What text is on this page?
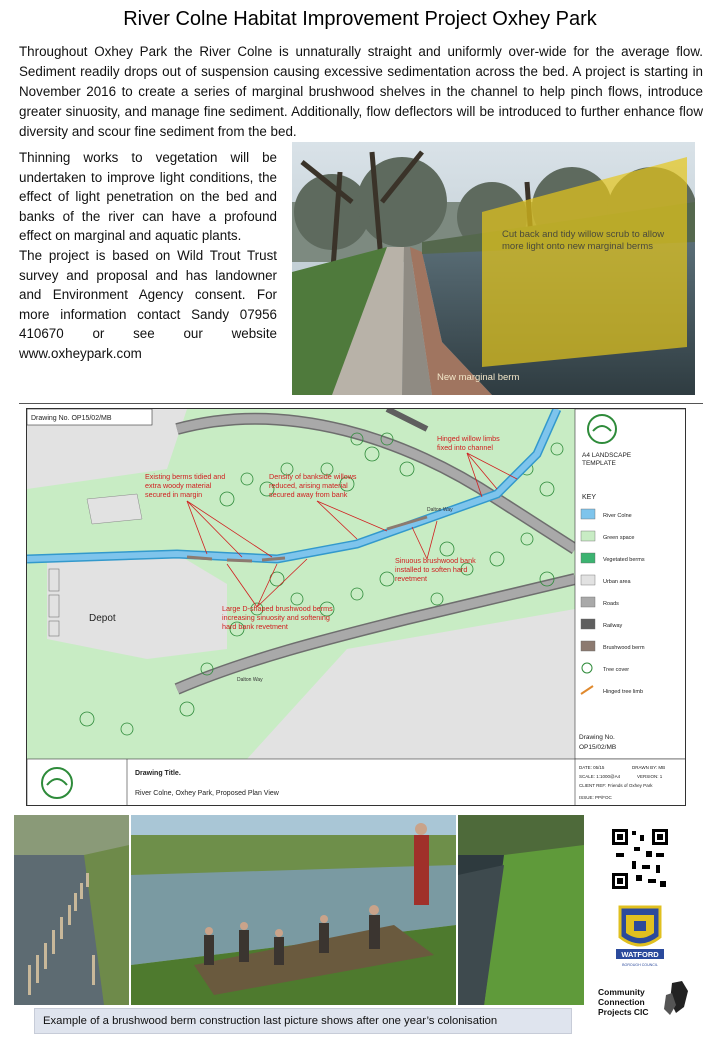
River Colne Habitat Improvement Project Oxhey Park

Throughout Oxhey Park the River Colne is unnaturally straight and uniformly over-wide for the average flow. Sediment readily drops out of suspension causing excessive sedimentation across the bed. A project is starting in November 2016 to create a series of marginal brushwood shelves in the channel to help pinch flows, introduce greater sinuosity, and manage fine sediment. Additionally, flow deflectors will be introduced to further enhance flow diversity and scour fine sediment from the bed.

Thinning works to vegetation will be undertaken to improve light conditions, the effect of light penetration on the bed and banks of the river can have a profound effect on marginal and aquatic plants.

The project is based on Wild Trout Trust survey and proposal and has landowner and Environment Agency consent. For more information contact Sandy 07956 410670 or see our website www.oxheypark.com

Cut back and tidy willow scrub to allow more light onto new marginal berms
New marginal berm
Depot
Dalton Way
Dalton Way
Drawing No. OP15/02/MB
Hinged willow limbs fixed into channel
Existing berms tidied and extra woody material secured in margin
Density of bankside willows reduced, arising material secured away from bank
Sinuous brushwood bank installed to soften hard revetment
Large D-shaped brushwood berms increasing sinuosity and softening hard bank revetment
A4 LANDSCAPE TEMPLATE
KEY
River Colne
Green space
Vegetated berms
Urban area
Roads
Railway
Brushwood berm
Tree cover
Hinged tree limb
Drawing No.
OP15/02/MB
Drawing Title.
River Colne, Oxhey Park, Proposed Plan View
DATE: 05/15	DRAWN BY: MB
SCALE: 1:1000@A4	VERSION: 1
CLIENT REF: Friends of Oxhey Park
ISSUE: PP/FOC
Example of a brushwood berm construction last picture shows after one year’s colonisation
WATFORD
BOROUGH COUNCIL
Community
Connection
Projects CIC
